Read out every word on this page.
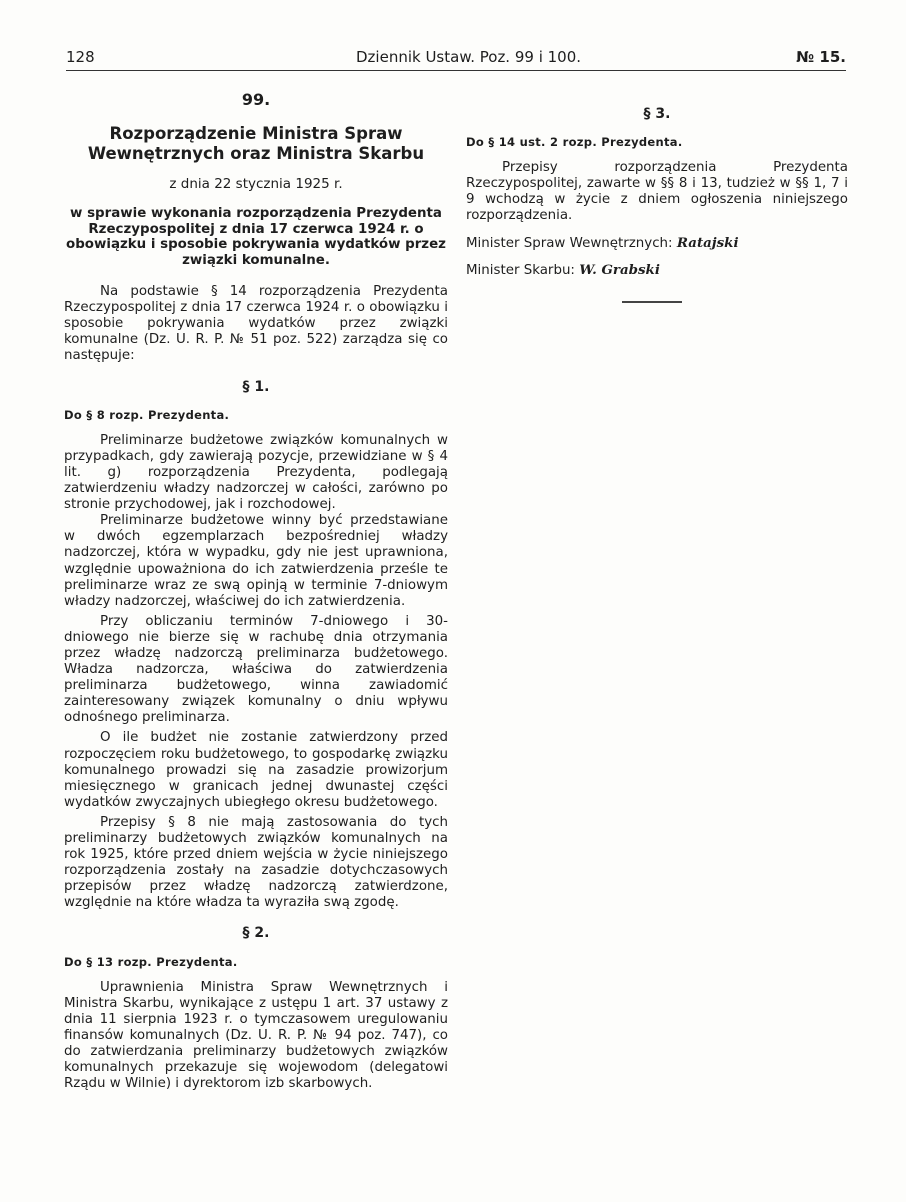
128	Dziennik Ustaw. Poz. 99 i 100.	№ 15.
99.
Rozporządzenie Ministra Spraw Wewnętrznych oraz Ministra Skarbu
z dnia 22 stycznia 1925 r.
w sprawie wykonania rozporządzenia Prezydenta Rzeczypospolitej z dnia 17 czerwca 1924 r. o obowiązku i sposobie pokrywania wydatków przez związki komunalne.

Na podstawie § 14 rozporządzenia Prezydenta Rzeczypospolitej z dnia 17 czerwca 1924 r. o obowiązku i sposobie pokrywania wydatków przez związki komunalne (Dz. U. R. P. № 51 poz. 522) zarządza się co następuje:

§ 1.
Do § 8 rozp. Prezydenta.

Preliminarze budżetowe związków komunalnych w przypadkach, gdy zawierają pozycje, przewidziane w § 4 lit. g) rozporządzenia Prezydenta, podlegają zatwierdzeniu władzy nadzorczej w całości, zarówno po stronie przychodowej, jak i rozchodowej.

Preliminarze budżetowe winny być przedstawiane w dwóch egzemplarzach bezpośredniej władzy nadzorczej, która w wypadku, gdy nie jest uprawniona, względnie upoważniona do ich zatwierdzenia prześle te preliminarze wraz ze swą opinją w terminie 7-dniowym władzy nadzorczej, właściwej do ich zatwierdzenia.

Przy obliczaniu terminów 7-dniowego i 30-dniowego nie bierze się w rachubę dnia otrzymania przez władzę nadzorczą preliminarza budżetowego. Władza nadzorcza, właściwa do zatwierdzenia preliminarza budżetowego, winna zawiadomić zainteresowany związek komunalny o dniu wpływu odnośnego preliminarza.

O ile budżet nie zostanie zatwierdzony przed rozpoczęciem roku budżetowego, to gospodarkę związku komunalnego prowadzi się na zasadzie prowizorjum miesięcznego w granicach jednej dwunastej części wydatków zwyczajnych ubiegłego okresu budżetowego.

Przepisy § 8 nie mają zastosowania do tych preliminarzy budżetowych związków komunalnych na rok 1925, które przed dniem wejścia w życie niniejszego rozporządzenia zostały na zasadzie dotychczasowych przepisów przez władzę nadzorczą zatwierdzone, względnie na które władza ta wyraziła swą zgodę.

§ 2.
Do § 13 rozp. Prezydenta.

Uprawnienia Ministra Spraw Wewnętrznych i Ministra Skarbu, wynikające z ustępu 1 art. 37 ustawy z dnia 11 sierpnia 1923 r. o tymczasowem uregulowaniu finansów komunalnych (Dz. U. R. P. № 94 poz. 747), co do zatwierdzania preliminarzy budżetowych związków komunalnych przekazuje się wojewodom (delegatowi Rządu w Wilnie) i dyrektorom izb skarbowych.

§ 3.
Do § 14 ust. 2 rozp. Prezydenta.

Przepisy rozporządzenia Prezydenta Rzeczypospolitej, zawarte w §§ 8 i 13, tudzież w §§ 1, 7 i 9 wchodzą w życie z dniem ogłoszenia niniejszego rozporządzenia.

Minister Spraw Wewnętrznych: Ratajski
Minister Skarbu: W. Grabski
